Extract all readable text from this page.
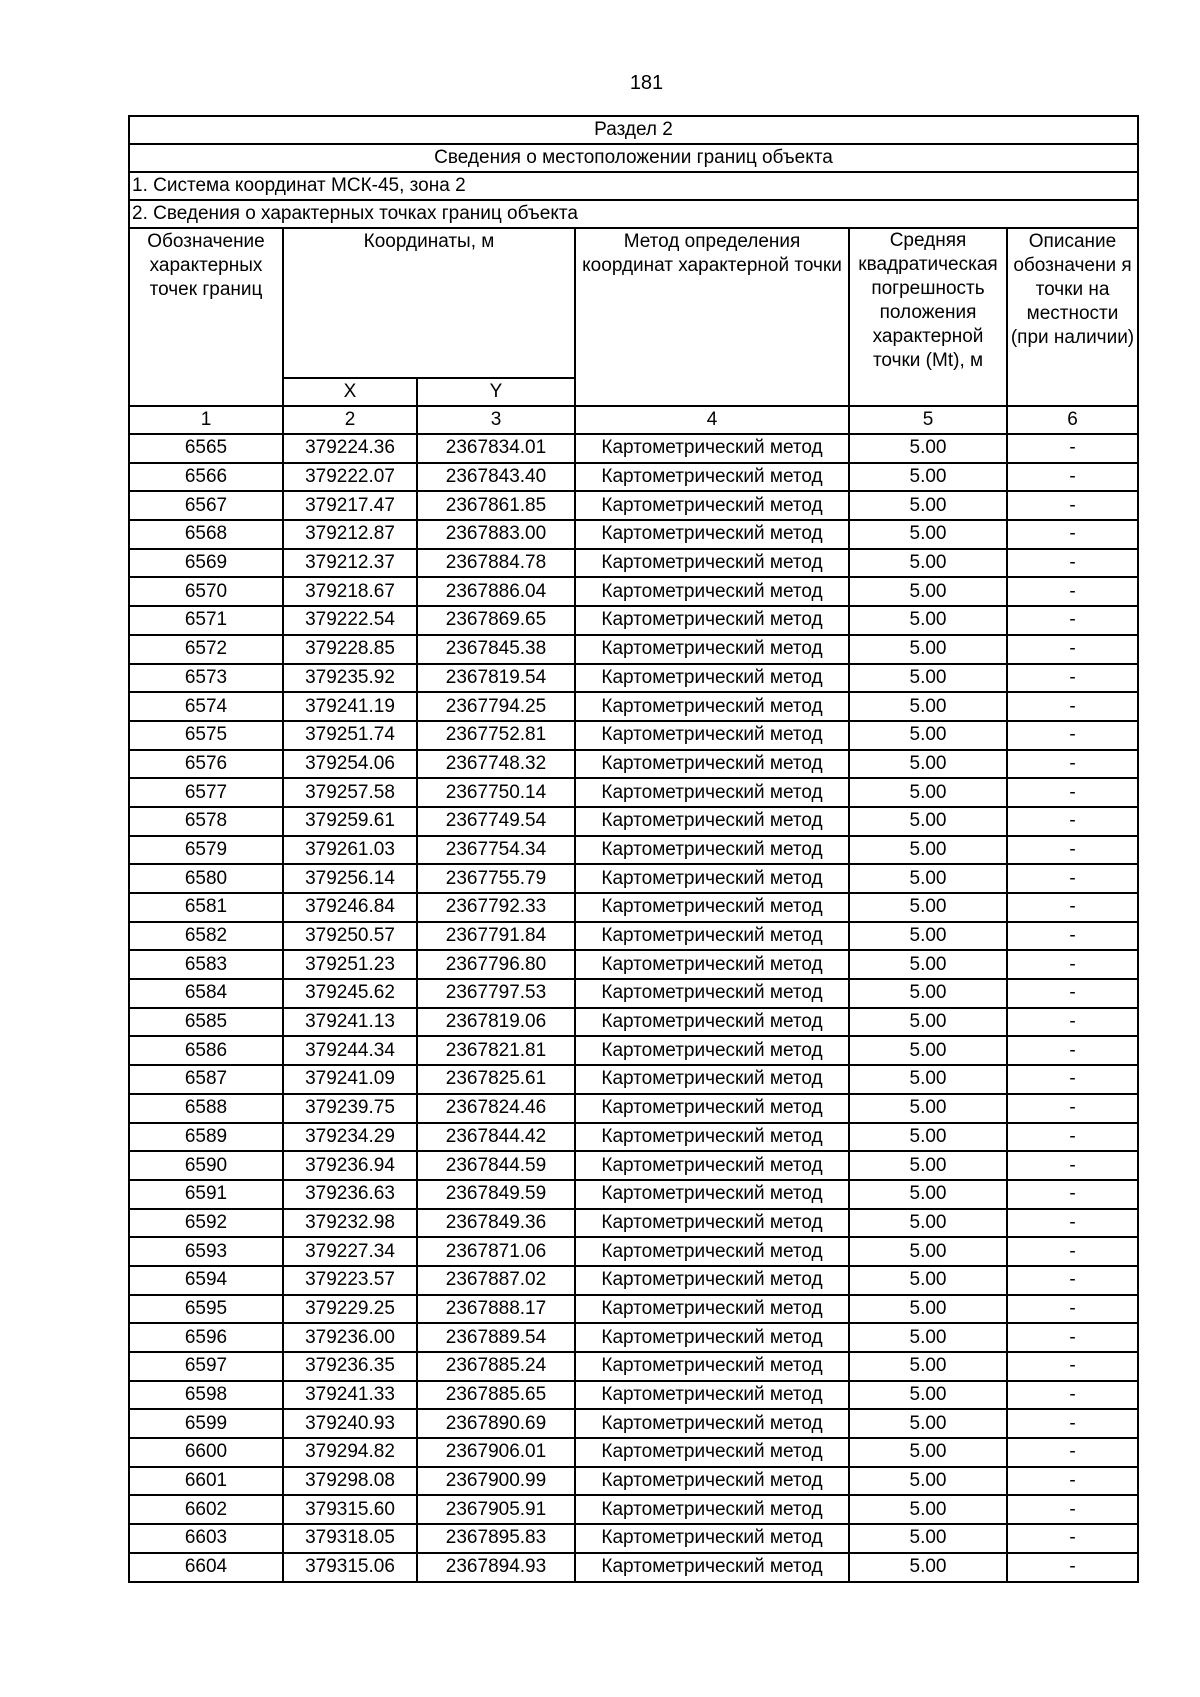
181
Раздел 2					
Сведения о местоположении границ объекта					
1. Система координат МСК-45, зона 2					
2. Сведения о характерных точках границ объекта					
Обозначение характерных точек границ	Координаты, м		Метод определения координат характерной точки	Средняя квадратическая погрешность положения характерной точки (Mt), м	Описание обозначени я точки на местности (при наличии)
	X	Y			
1	2	3	4	5	6
6565	379224.36	2367834.01	Картометрический метод	5.00	-
6566	379222.07	2367843.40	Картометрический метод	5.00	-
6567	379217.47	2367861.85	Картометрический метод	5.00	-
6568	379212.87	2367883.00	Картометрический метод	5.00	-
6569	379212.37	2367884.78	Картометрический метод	5.00	-
6570	379218.67	2367886.04	Картометрический метод	5.00	-
6571	379222.54	2367869.65	Картометрический метод	5.00	-
6572	379228.85	2367845.38	Картометрический метод	5.00	-
6573	379235.92	2367819.54	Картометрический метод	5.00	-
6574	379241.19	2367794.25	Картометрический метод	5.00	-
6575	379251.74	2367752.81	Картометрический метод	5.00	-
6576	379254.06	2367748.32	Картометрический метод	5.00	-
6577	379257.58	2367750.14	Картометрический метод	5.00	-
6578	379259.61	2367749.54	Картометрический метод	5.00	-
6579	379261.03	2367754.34	Картометрический метод	5.00	-
6580	379256.14	2367755.79	Картометрический метод	5.00	-
6581	379246.84	2367792.33	Картометрический метод	5.00	-
6582	379250.57	2367791.84	Картометрический метод	5.00	-
6583	379251.23	2367796.80	Картометрический метод	5.00	-
6584	379245.62	2367797.53	Картометрический метод	5.00	-
6585	379241.13	2367819.06	Картометрический метод	5.00	-
6586	379244.34	2367821.81	Картометрический метод	5.00	-
6587	379241.09	2367825.61	Картометрический метод	5.00	-
6588	379239.75	2367824.46	Картометрический метод	5.00	-
6589	379234.29	2367844.42	Картометрический метод	5.00	-
6590	379236.94	2367844.59	Картометрический метод	5.00	-
6591	379236.63	2367849.59	Картометрический метод	5.00	-
6592	379232.98	2367849.36	Картометрический метод	5.00	-
6593	379227.34	2367871.06	Картометрический метод	5.00	-
6594	379223.57	2367887.02	Картометрический метод	5.00	-
6595	379229.25	2367888.17	Картометрический метод	5.00	-
6596	379236.00	2367889.54	Картометрический метод	5.00	-
6597	379236.35	2367885.24	Картометрический метод	5.00	-
6598	379241.33	2367885.65	Картометрический метод	5.00	-
6599	379240.93	2367890.69	Картометрический метод	5.00	-
6600	379294.82	2367906.01	Картометрический метод	5.00	-
6601	379298.08	2367900.99	Картометрический метод	5.00	-
6602	379315.60	2367905.91	Картометрический метод	5.00	-
6603	379318.05	2367895.83	Картометрический метод	5.00	-
6604	379315.06	2367894.93	Картометрический метод	5.00	-
